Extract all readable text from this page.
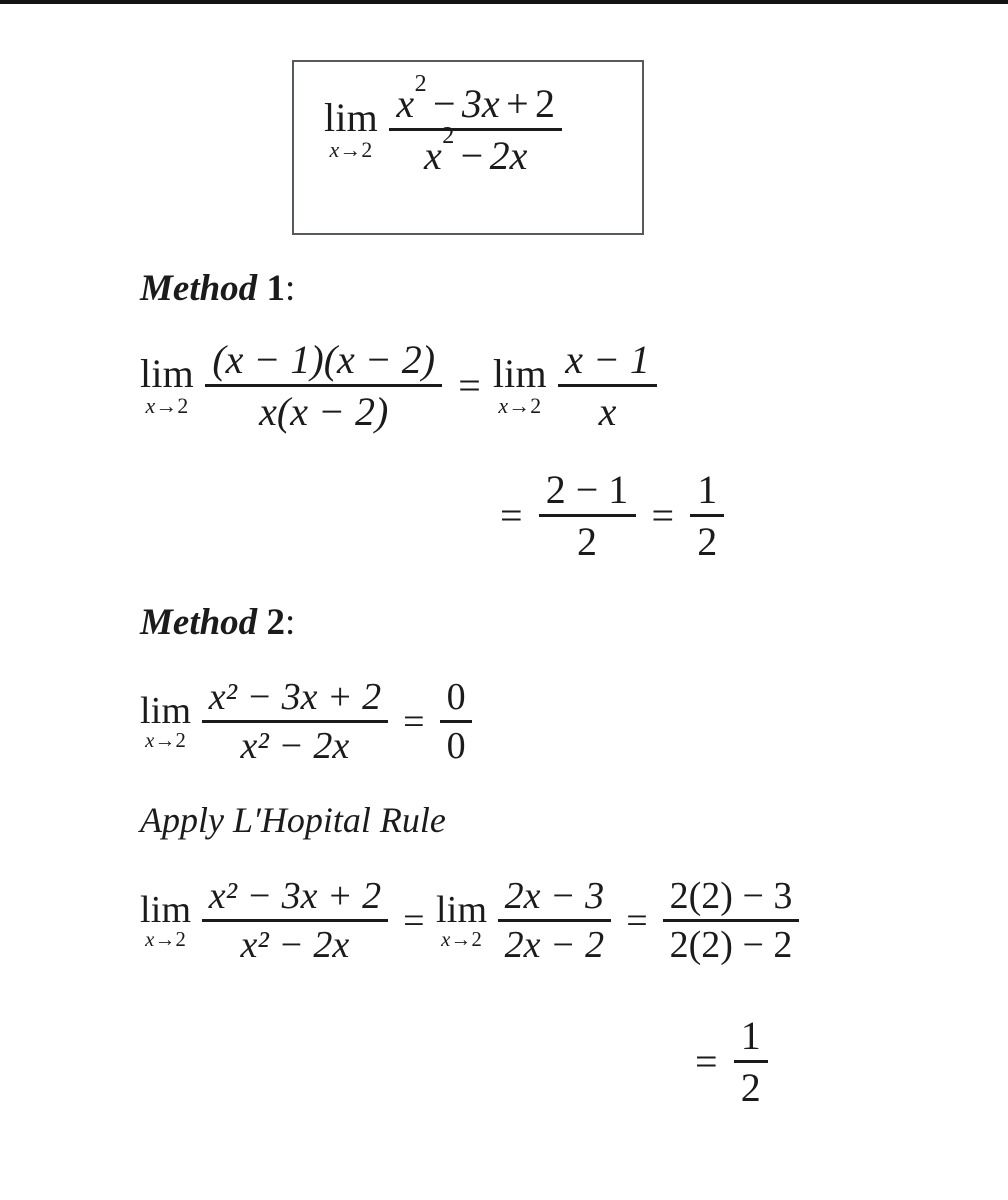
lim
$x\to 2 \frac{x^2 - 3x + 2}{x^2 - 2x}$
Method 1:
lim
$x\to 2 \frac{(x - 1)(x - 2)}{x(x - 2)} = \lim$
$x\to 2 \frac{x - 1}{x}$
= $\frac{2 - 1}{2} = \frac{1}{2}$
Method 2:
lim
$x\to 2 \frac{\text{x² − 3x + 2}}{\text{x² − 2x}} = \frac{0}{0}$
Apply L′Hopital Rule
lim
$x\to 2 \frac{\text{x² − 3x + 2}}{\text{x² − 2x}} = \lim$
$x\to 2 \frac{2x - 3}{2x - 2} = \frac{2(2) - 3}{2(2) - 2}$
= $\frac{1}{2}$
